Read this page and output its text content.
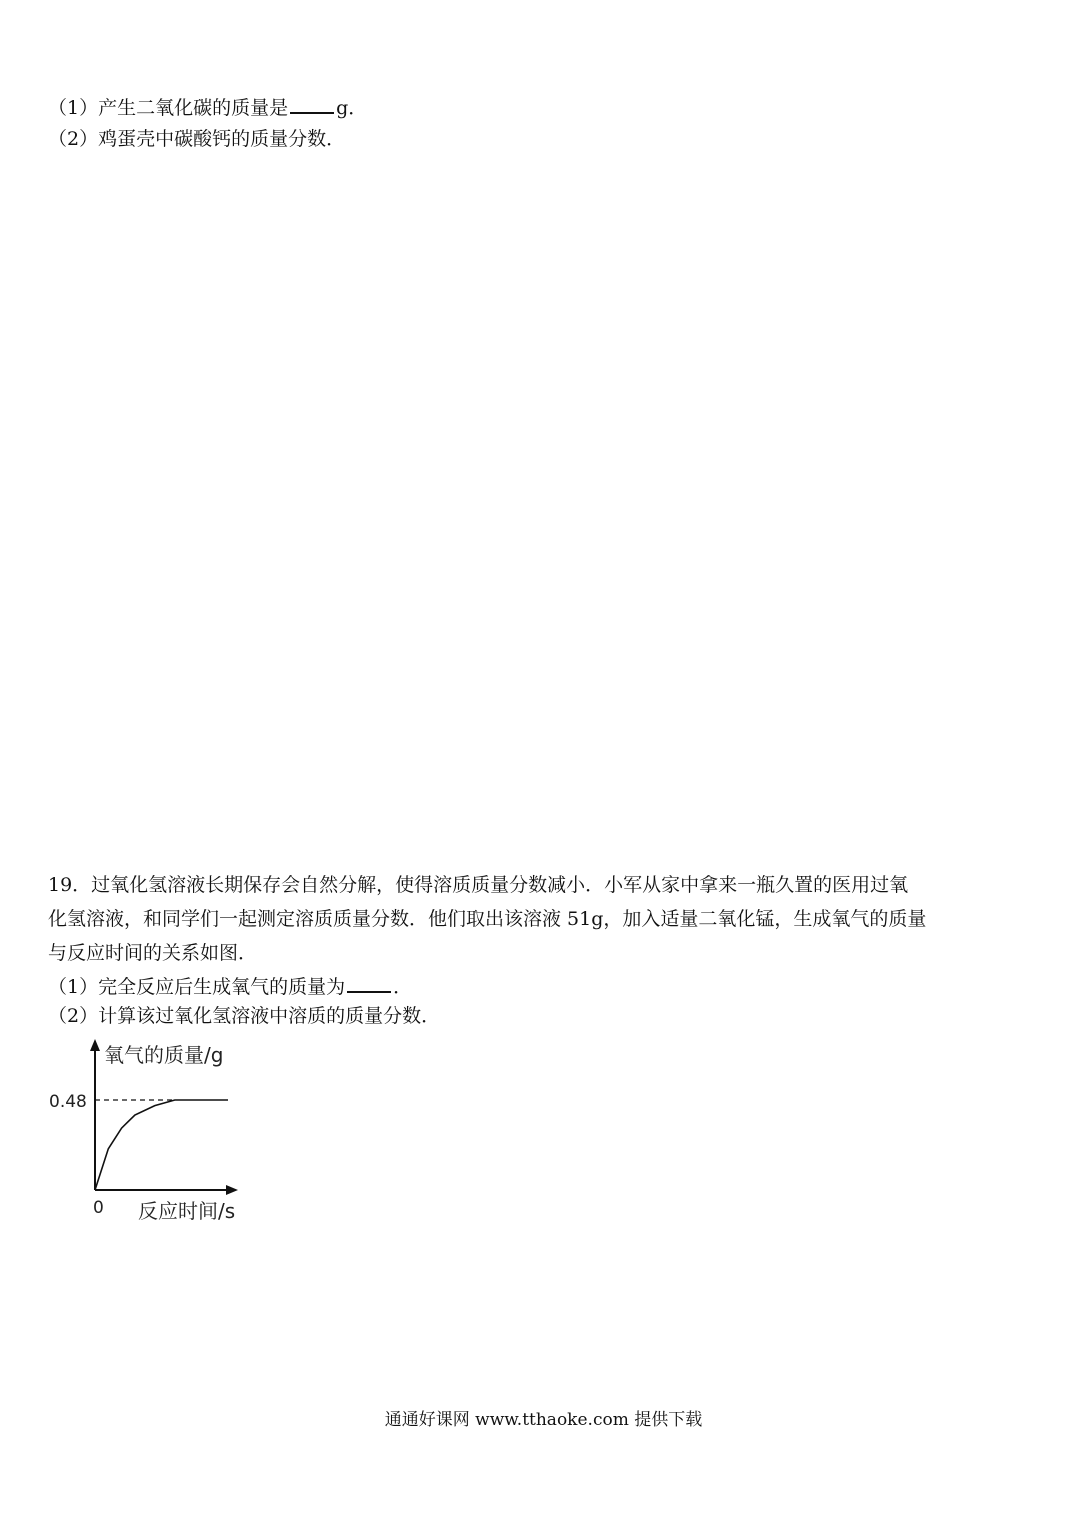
（1）产生二氧化碳的质量是	g．
（2）鸡蛋壳中碳酸钙的质量分数．
19．过氧化氢溶液长期保存会自然分解，使得溶质质量分数减小．小军从家中拿来一瓶久置的医用过氧
化氢溶液，和同学们一起测定溶质质量分数．他们取出该溶液 51g，加入适量二氧化锰，生成氧气的质量
与反应时间的关系如图．
（1）完全反应后生成氧气的质量为	．
（2）计算该过氧化氢溶液中溶质的质量分数．
氧气的质量/g
0.48
0 反应时间/s
通通好课网 www.tthaoke.com 提供下载
